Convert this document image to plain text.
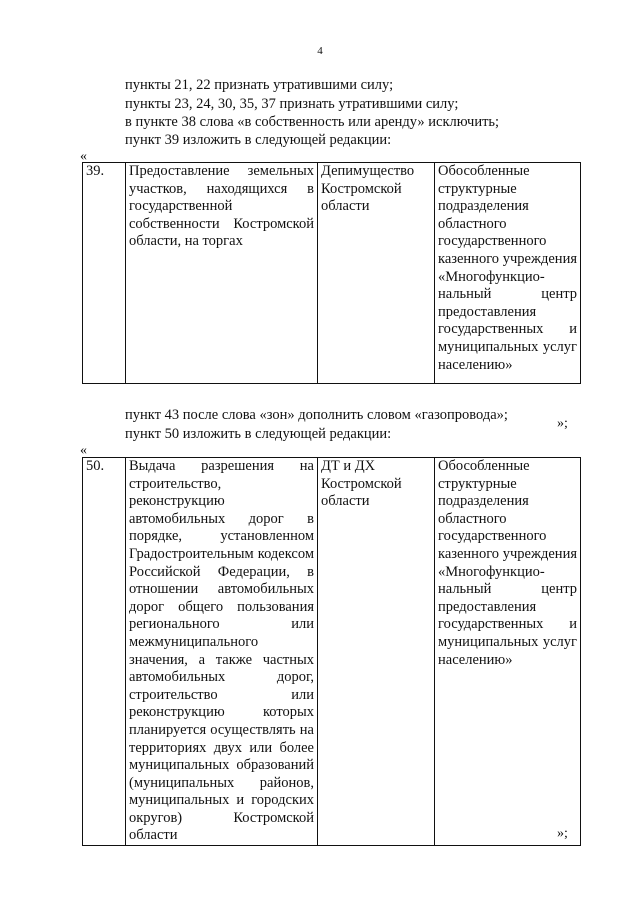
4
пункты 21, 22 признать утратившими силу;
пункты 23, 24, 30, 35, 37 признать утратившими силу;
в пункте 38 слова «в собственность или аренду» исключить;
пункт 39 изложить в следующей редакции:
«
39.	Предоставление земельных участков, находящихся в государственной собственности Костромской области, на торгах	Депимущество Костромской области	Обособленные структурные подразделения областного государственного казенного учреждения «Многофункцио-нальный центр предоставления государственных и муниципальных услуг населению»
»;
пункт 43 после слова «зон» дополнить словом «газопровода»;
пункт 50 изложить в следующей редакции:
«
50.	Выдача разрешения на строительство, реконструкцию автомобильных дорог в порядке, установленном Градостроительным кодексом Российской Федерации, в отношении автомобильных дорог общего пользования регионального или межмуниципального значения, а также частных автомобильных дорог, строительство или реконструкцию которых планируется осуществлять на территориях двух или более муниципальных образований (муниципальных районов, муниципальных и городских округов) Костромской области	ДТ и ДХ Костромской области	Обособленные структурные подразделения областного государственного казенного учреждения «Многофункцио-нальный центр предоставления государственных и муниципальных услуг населению»
»;
